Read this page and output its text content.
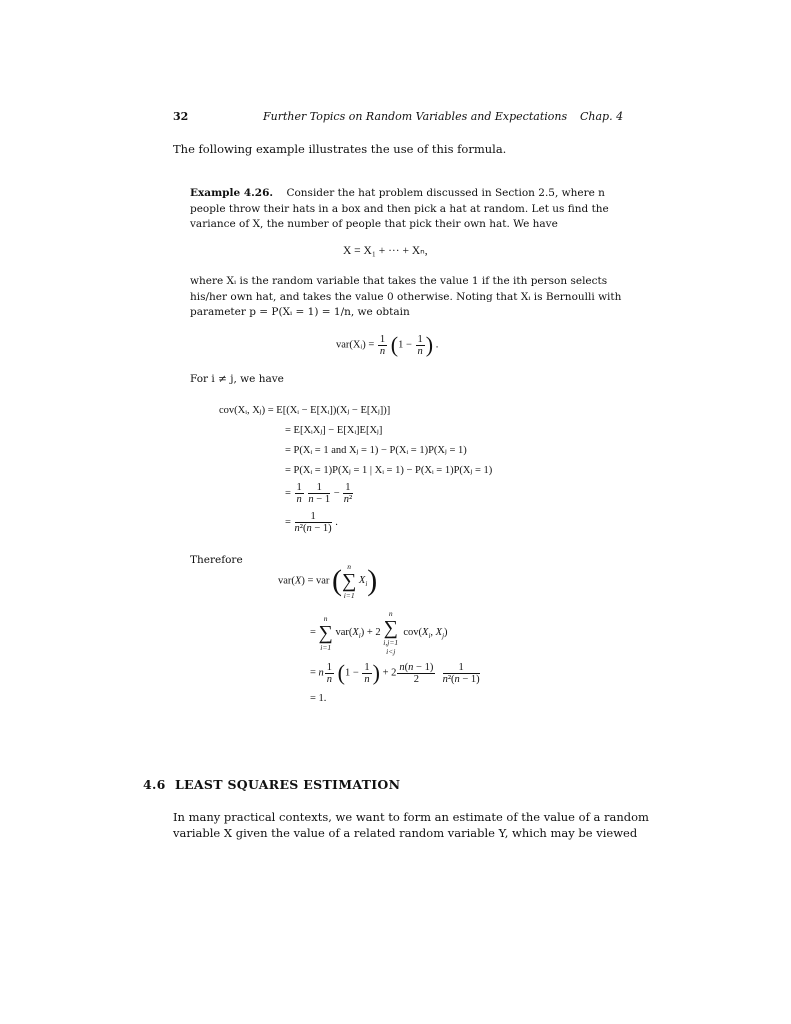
32	Further Topics on Random Variables and Expectations Chap. 4
The following example illustrates the use of this formula.
Example 4.26. Consider the hat problem discussed in Section 2.5, where n
people throw their hats in a box and then pick a hat at random. Let us find the
variance of X, the number of people that pick their own hat. We have
X = X₁ + ··· + Xₙ,
where Xᵢ is the random variable that takes the value 1 if the ith person selects
his/her own hat, and takes the value 0 otherwise. Noting that Xᵢ is Bernoulli with
parameter p = P(Xᵢ = 1) = 1/n, we obtain
var(Xᵢ) = $\frac{1}{n} (1 - \frac{1}{n}$ ) .
For i ≠ j, we have
cov(Xᵢ, Xⱼ) = E[(Xᵢ − E[Xᵢ])(Xⱼ − E[Xⱼ])]
= E[XᵢXⱼ] − E[Xᵢ]E[Xⱼ]
= P(Xᵢ = 1 and Xⱼ = 1) − P(Xᵢ = 1)P(Xⱼ = 1)
= P(Xᵢ = 1)P(Xⱼ = 1 | Xᵢ = 1) − P(Xᵢ = 1)P(Xⱼ = 1)
= $\frac{1}{n}$
$\frac{1}{n - 1} - \frac{1}{\text{n²}}$
= $\frac{1}{\text{n²(n − 1)}}$ .
Therefore
var(X) = var ( n
∑
i=1
$X_i$)
=
n
∑
i=1
$var(X_i) + 2$
n
∑
i,j=1
i<j
$cov(X_i$, $X_j$)
= n $\frac{1}{n} (1 - \frac{1}{n}$ ) + $2 \frac{n(n - 1)}{2}$
$\frac{1}{\text{n²(n − 1)}}$
= 1.
4.6 LEAST SQUARES ESTIMATION
In many practical contexts, we want to form an estimate of the value of a random
variable X given the value of a related random variable Y, which may be viewed
